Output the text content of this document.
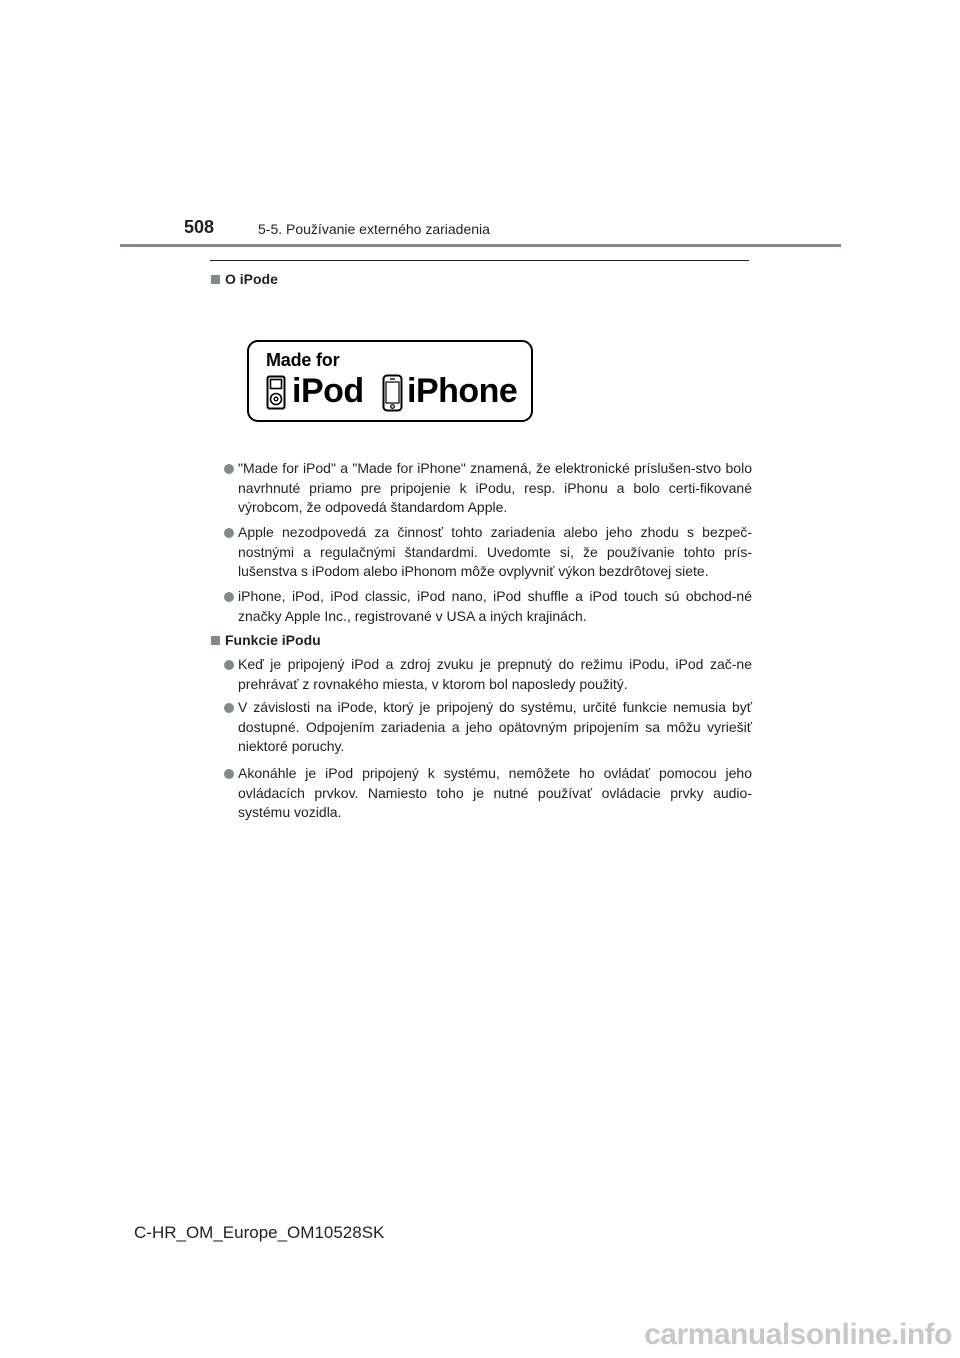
508	5-5. Používanie externého zariadenia
O iPode
Made for
iPod iPhone
"Made for iPod" a "Made for iPhone" znamená, že elektronické príslušen-stvo bolo navrhnuté priamo pre pripojenie k iPodu, resp. iPhonu a bolo certi-fikované výrobcom, že odpovedá štandardom Apple.
Apple nezodpovedá za činnosť tohto zariadenia alebo jeho zhodu s bezpeč-nostnými a regulačnými štandardmi. Uvedomte si, že používanie tohto prís-lušenstva s iPodom alebo iPhonom môže ovplyvniť výkon bezdrôtovej siete.
iPhone, iPod, iPod classic, iPod nano, iPod shuffle a iPod touch sú obchod-né značky Apple Inc., registrované v USA a iných krajinách.
Funkcie iPodu
Keď je pripojený iPod a zdroj zvuku je prepnutý do režimu iPodu, iPod zač-ne prehrávať z rovnakého miesta, v ktorom bol naposledy použitý.
V závislosti na iPode, ktorý je pripojený do systému, určité funkcie nemusia byť dostupné. Odpojením zariadenia a jeho opätovným pripojením sa môžu vyriešiť niektoré poruchy.
Akonáhle je iPod pripojený k systému, nemôžete ho ovládať pomocou jeho ovládacích prvkov. Namiesto toho je nutné používať ovládacie prvky audio-systému vozidla.
C-HR_OM_Europe_OM10528SK
carmanualsonline.info
